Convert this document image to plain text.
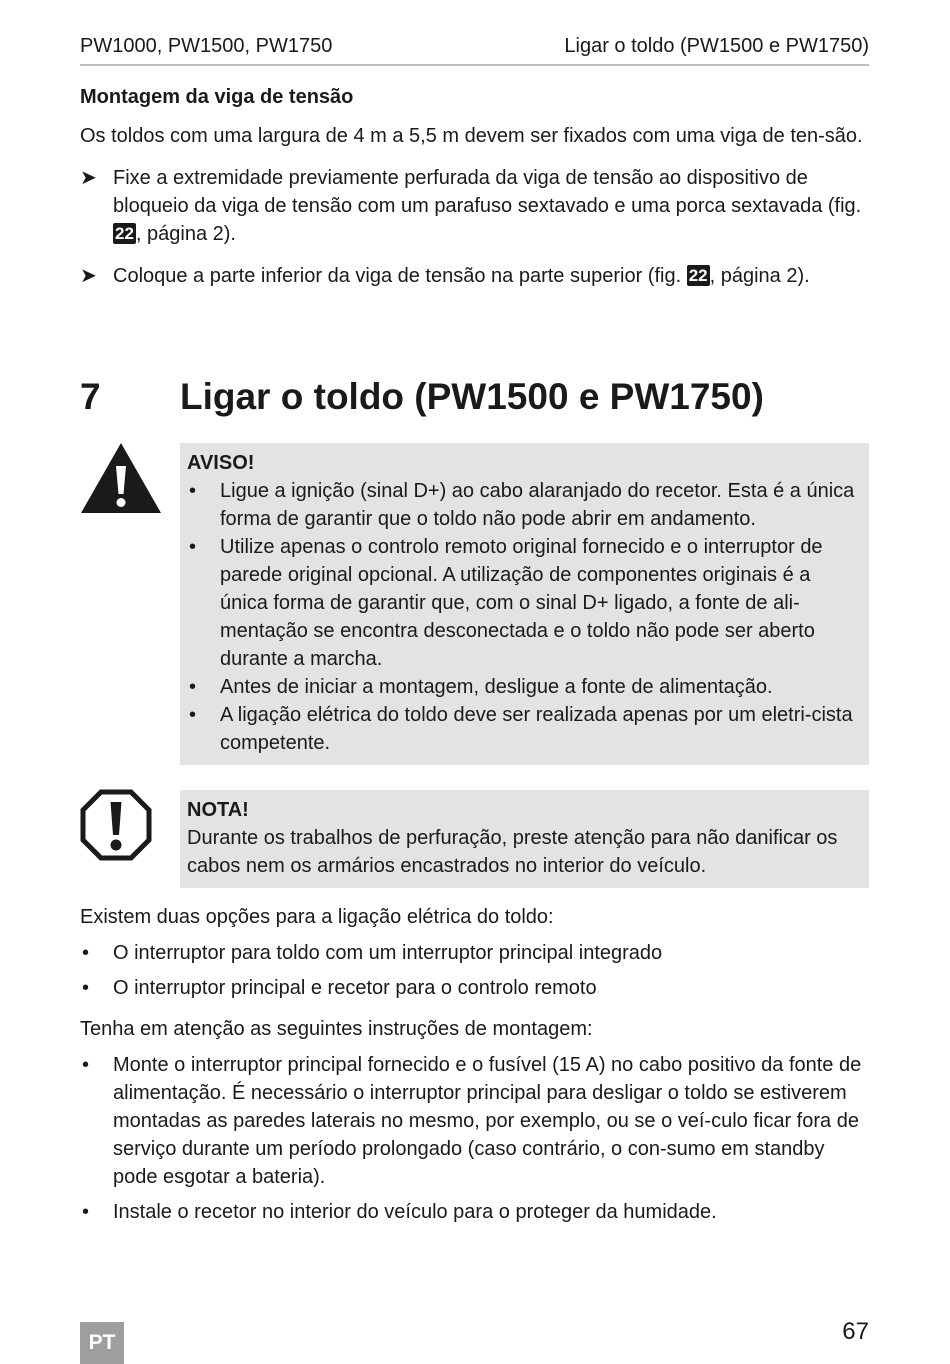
PW1000, PW1500, PW1750	Ligar o toldo (PW1500 e PW1750)
Montagem da viga de tensão
Os toldos com uma largura de 4 m a 5,5 m devem ser fixados com uma viga de ten-são.
➤ Fixe a extremidade previamente perfurada da viga de tensão ao dispositivo de bloqueio da viga de tensão com um parafuso sextavado e uma porca sextavada (fig. 22 , página 2).
➤ Coloque a parte inferior da viga de tensão na parte superior (fig. 22 , página 2).
7 Ligar o toldo (PW1500 e PW1750)
AVISO!
• Ligue a ignição (sinal D+) ao cabo alaranjado do recetor. Esta é a única forma de garantir que o toldo não pode abrir em andamento.
• Utilize apenas o controlo remoto original fornecido e o interruptor de parede original opcional. A utilização de componentes originais é a única forma de garantir que, com o sinal D+ ligado, a fonte de ali-mentação se encontra desconectada e o toldo não pode ser aberto durante a marcha.
• Antes de iniciar a montagem, desligue a fonte de alimentação.
• A ligação elétrica do toldo deve ser realizada apenas por um eletri-cista competente.
NOTA!
Durante os trabalhos de perfuração, preste atenção para não danificar os cabos nem os armários encastrados no interior do veículo.
Existem duas opções para a ligação elétrica do toldo:
• O interruptor para toldo com um interruptor principal integrado
• O interruptor principal e recetor para o controlo remoto
Tenha em atenção as seguintes instruções de montagem:
• Monte o interruptor principal fornecido e o fusível (15 A) no cabo positivo da fonte de alimentação. É necessário o interruptor principal para desligar o toldo se estiverem montadas as paredes laterais no mesmo, por exemplo, ou se o veí-culo ficar fora de serviço durante um período prolongado (caso contrário, o con-sumo em standby pode esgotar a bateria).
• Instale o recetor no interior do veículo para o proteger da humidade.
PT	67
